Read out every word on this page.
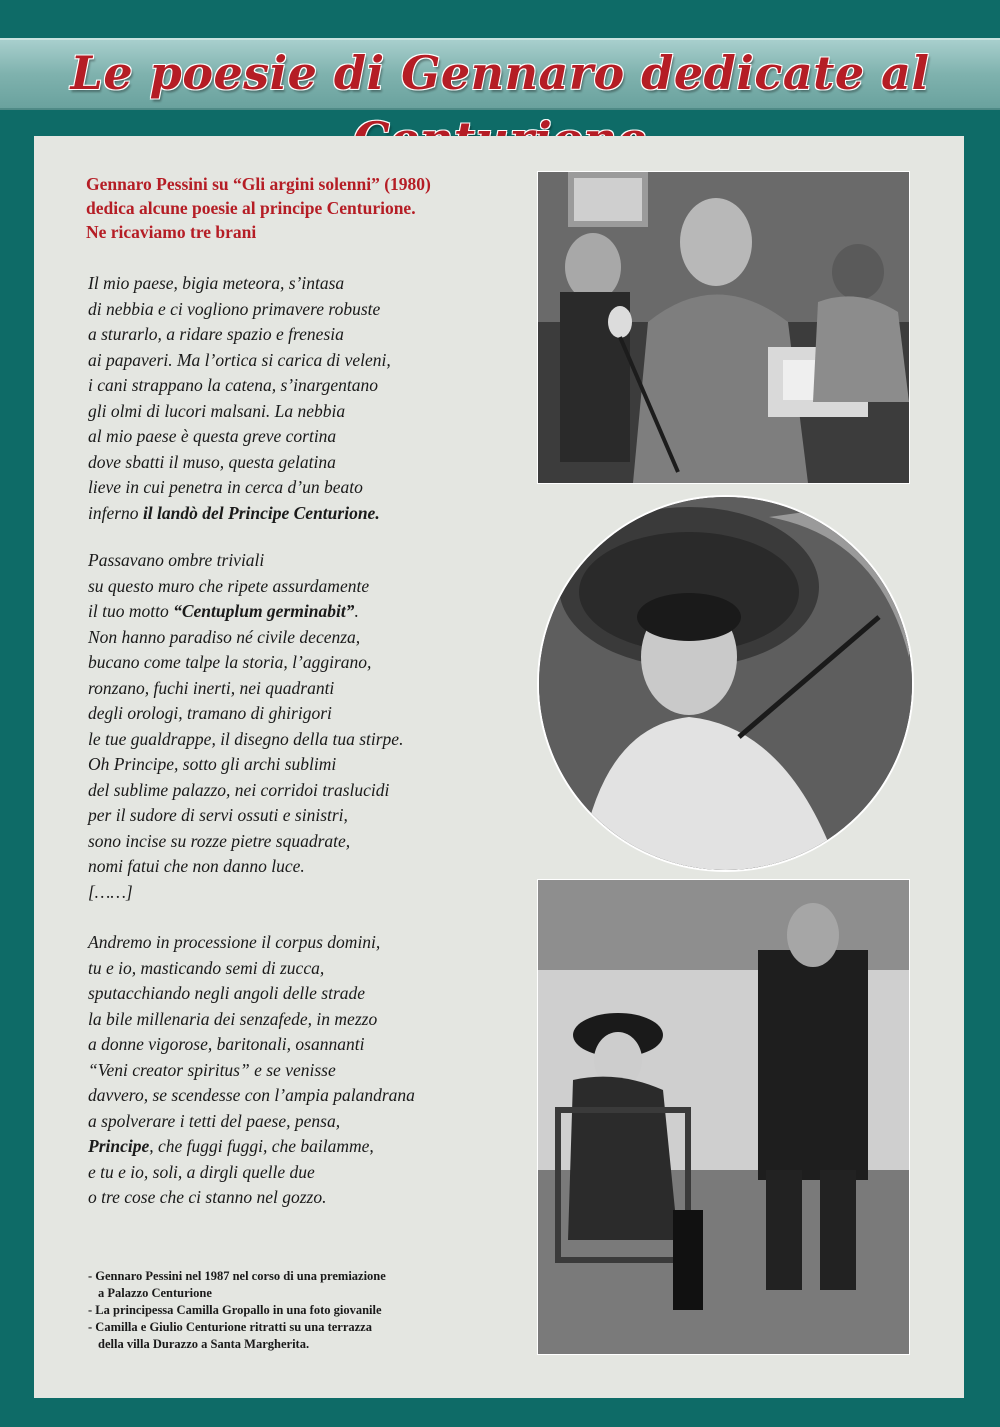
Le poesie di Gennaro dedicate al
Gennaro Pessini su “Gli argini solenni” (1980)
dedica alcune poesie al principe Centurione.
Ne ricaviamo tre brani
Il mio paese, bigia meteora, s’intasa
di nebbia e ci vogliono primavere robuste
a sturarlo, a ridare spazio e frenesia
ai papaveri. Ma l’ortica si carica di veleni,
i cani strappano la catena, s’inargentano
gli olmi di lucori malsani. La nebbia
al mio paese è questa greve cortina
dove sbatti il muso, questa gelatina
lieve in cui penetra in cerca d’un beato
inferno il landò del Principe Centurione.
Passavano ombre triviali
su questo muro che ripete assurdamente
il tuo motto “Centuplum germinabit”.
Non hanno paradiso né civile decenza,
bucano come talpe la storia, l’aggirano,
ronzano, fuchi inerti, nei quadranti
degli orologi, tramano di ghirigori
le tue gualdrappe, il disegno della tua stirpe.
Oh Principe, sotto gli archi sublimi
del sublime palazzo, nei corridoi traslucidi
per il sudore di servi ossuti e sinistri,
sono incise su rozze pietre squadrate,
nomi fatui che non danno luce.
[……]
Andremo in processione il corpus domini,
tu e io, masticando semi di zucca,
sputacchiando negli angoli delle strade
la bile millenaria dei senzafede, in mezzo
a donne vigorose, baritonali, osannanti
“Veni creator spiritus” e se venisse
davvero, se scendesse con l’ampia palandrana
a spolverare i tetti del paese, pensa,
Principe, che fuggi fuggi, che bailamme,
e tu e io, soli, a dirgli quelle due
o tre cose che ci stanno nel gozzo.
- Gennaro Pessini nel 1987 nel corso di una premiazione
a Palazzo Centurione
- La principessa Camilla Gropallo in una foto giovanile
- Camilla e Giulio Centurione ritratti su una terrazza
della villa Durazzo a Santa Margherita.
